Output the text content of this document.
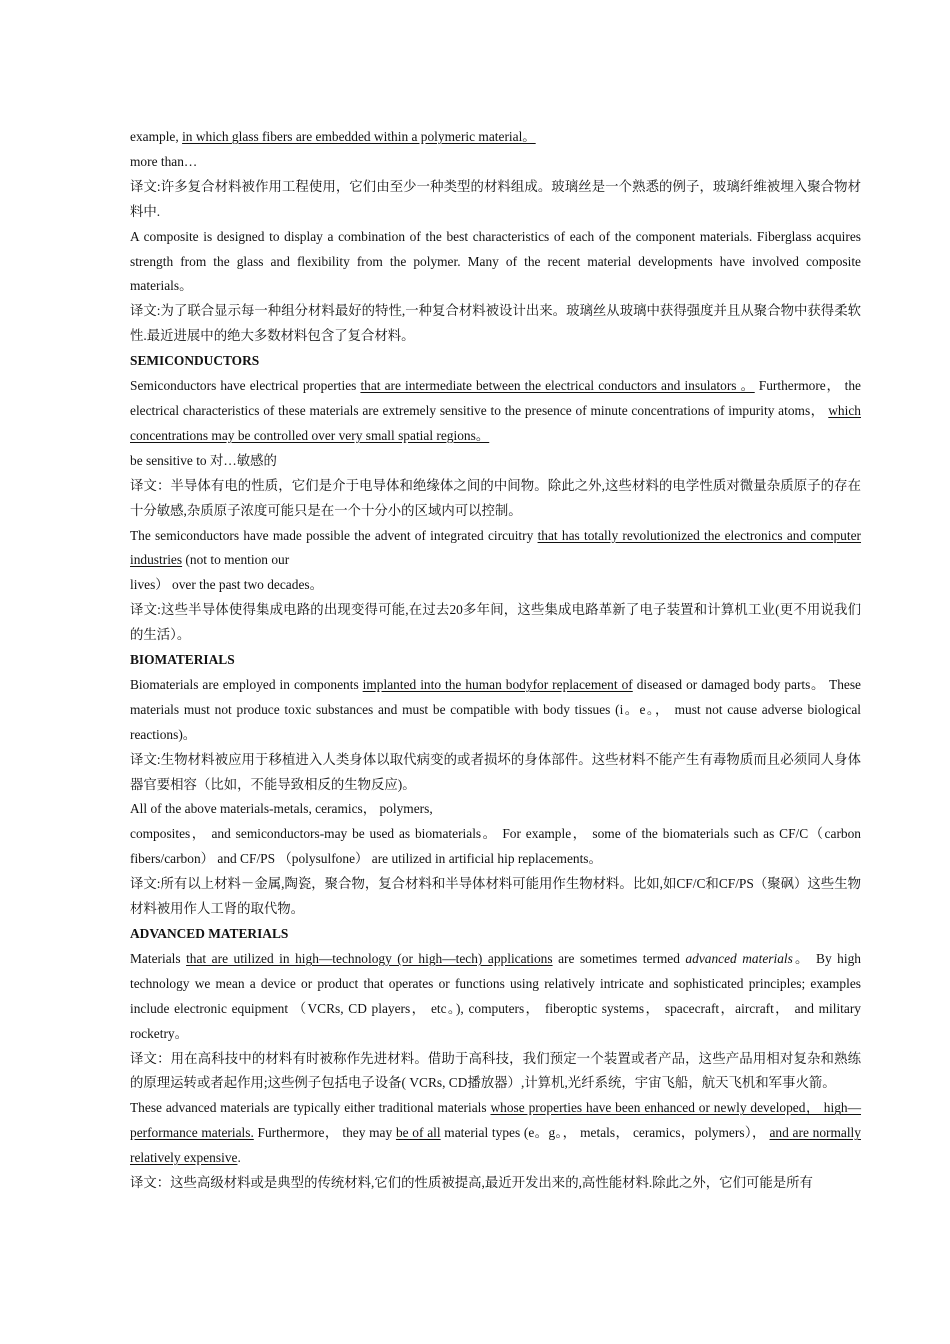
example, in which glass fibers are embedded within a polymeric material。

more than…

译文:许多复合材料被作用工程使用，它们由至少一种类型的材料组成。玻璃丝是一个熟悉的例子，玻璃纤维被埋入聚合物材料中.

A composite is designed to display a combination of the best characteristics of each of the component materials. Fiberglass acquires strength from the glass and flexibility from the polymer. Many of the recent material developments have involved composite materials。

译文:为了联合显示每一种组分材料最好的特性,一种复合材料被设计出来。玻璃丝从玻璃中获得强度并且从聚合物中获得柔软性.最近进展中的绝大多数材料包含了复合材料。

SEMICONDUCTORS

Semiconductors have electrical properties that are intermediate between the electrical conductors and insulators 。 Furthermore， the electrical characteristics of these materials are extremely sensitive to the presence of minute concentrations of impurity atoms， which concentrations may be controlled over very small spatial regions。

be sensitive to 对…敏感的

译文：半导体有电的性质，它们是介于电导体和绝缘体之间的中间物。除此之外,这些材料的电学性质对微量杂质原子的存在十分敏感,杂质原子浓度可能只是在一个十分小的区域内可以控制。

The semiconductors have made possible the advent of integrated circuitry that has totally revolutionized the electronics and computer industries (not to mention our

lives） over the past two decades。

译文:这些半导体使得集成电路的出现变得可能,在过去20多年间，这些集成电路革新了电子装置和计算机工业(更不用说我们的生活）。

BIOMATERIALS

Biomaterials are employed in components implanted into the human bodyfor replacement of diseased or damaged body parts。 These materials must not produce toxic substances and must be compatible with body tissues (i。e。， must not cause adverse biological reactions)。

译文:生物材料被应用于移植进入人类身体以取代病变的或者损坏的身体部件。这些材料不能产生有毒物质而且必须同人身体器官要相容（比如，不能导致相反的生物反应)。

All of the above materials-metals, ceramics， polymers,

composites， and semiconductors-may be used as biomaterials。 For example， some of the biomaterials such as CF/C（carbon fibers/carbon） and CF/PS （polysulfone） are utilized in artificial hip replacements。

译文:所有以上材料－金属,陶瓷，聚合物，复合材料和半导体材料可能用作生物材料。比如,如CF/C和CF/PS（聚砜）这些生物材料被用作人工肾的取代物。

ADVANCED MATERIALS

Materials that are utilized in high—technology (or high—tech) applications are sometimes termed advanced materials。 By high technology we mean a device or product that operates or functions using relatively intricate and sophisticated principles; examples include electronic equipment （VCRs, CD players， etc。), computers， fiberoptic systems， spacecraft，aircraft， and military rocketry。

译文：用在高科技中的材料有时被称作先进材料。借助于高科技，我们预定一个装置或者产品，这些产品用相对复杂和熟练的原理运转或者起作用;这些例子包括电子设备( VCRs, CD播放器）,计算机,光纤系统，宇宙飞船，航天飞机和军事火箭。

These advanced materials are typically either traditional materials whose properties have been enhanced or newly developed， high—performance materials. Furthermore， they may be of all material types (e。g。， metals， ceramics，polymers）， and are normally relatively expensive.

译文：这些高级材料或是典型的传统材料,它们的性质被提高,最近开发出来的,高性能材料.除此之外，它们可能是所有
